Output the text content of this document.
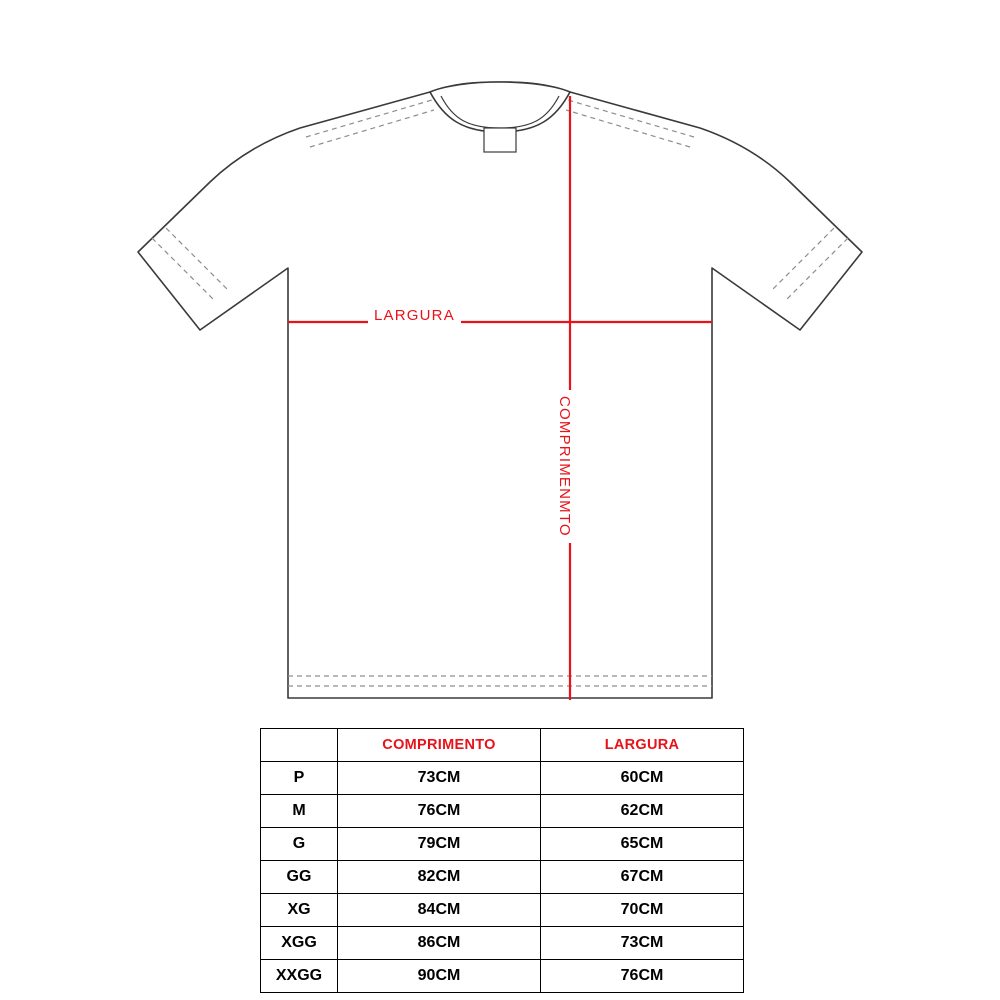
LARGURA
COMPRIMENMTO
	COMPRIMENTO	LARGURA
P	73CM	60CM
M	76CM	62CM
G	79CM	65CM
GG	82CM	67CM
XG	84CM	70CM
XGG	86CM	73CM
XXGG	90CM	76CM
